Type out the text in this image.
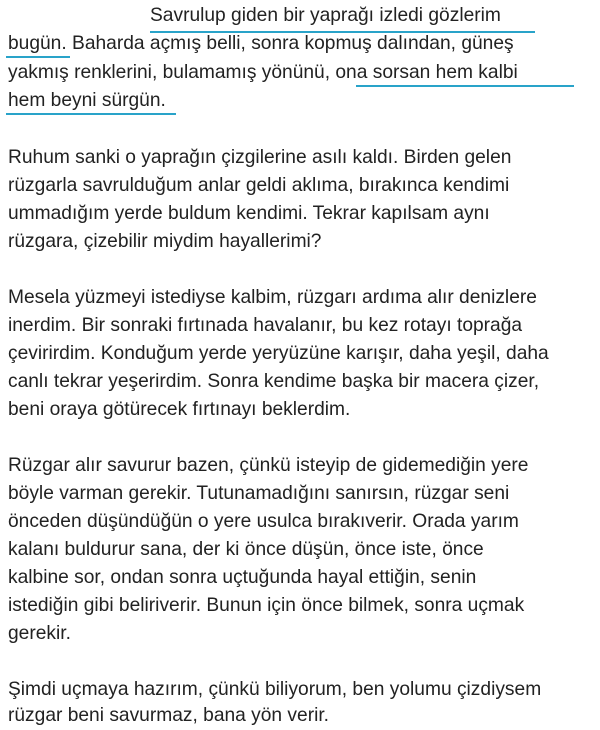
Savrulup giden bir yaprağı izledi gözlerim
bugün. Baharda açmış belli, sonra kopmuş dalından, güneş
yakmış renklerini, bulamamış yönünü, ona sorsan hem kalbi
hem beyni sürgün.
Ruhum sanki o yaprağın çizgilerine asılı kaldı. Birden gelen
rüzgarla savrulduğum anlar geldi aklıma, bırakınca kendimi
ummadığım yerde buldum kendimi. Tekrar kapılsam aynı
rüzgara, çizebilir miydim hayallerimi?
Mesela yüzmeyi istediyse kalbim, rüzgarı ardıma alır denizlere
inerdim. Bir sonraki fırtınada havalanır, bu kez rotayı toprağa
çevirirdim. Konduğum yerde yeryüzüne karışır, daha yeşil, daha
canlı tekrar yeşerirdim. Sonra kendime başka bir macera çizer,
beni oraya götürecek fırtınayı beklerdim.
Rüzgar alır savurur bazen, çünkü isteyip de gidemediğin yere
böyle varman gerekir. Tutunamadığını sanırsın, rüzgar seni
önceden düşündüğün o yere usulca bırakıverir. Orada yarım
kalanı buldurur sana, der ki önce düşün, önce iste, önce
kalbine sor, ondan sonra uçtuğunda hayal ettiğin, senin
istediğin gibi beliriverir. Bunun için önce bilmek, sonra uçmak
gerekir.
Şimdi uçmaya hazırım, çünkü biliyorum, ben yolumu çizdiysem
rüzgar beni savurmaz, bana yön verir.
